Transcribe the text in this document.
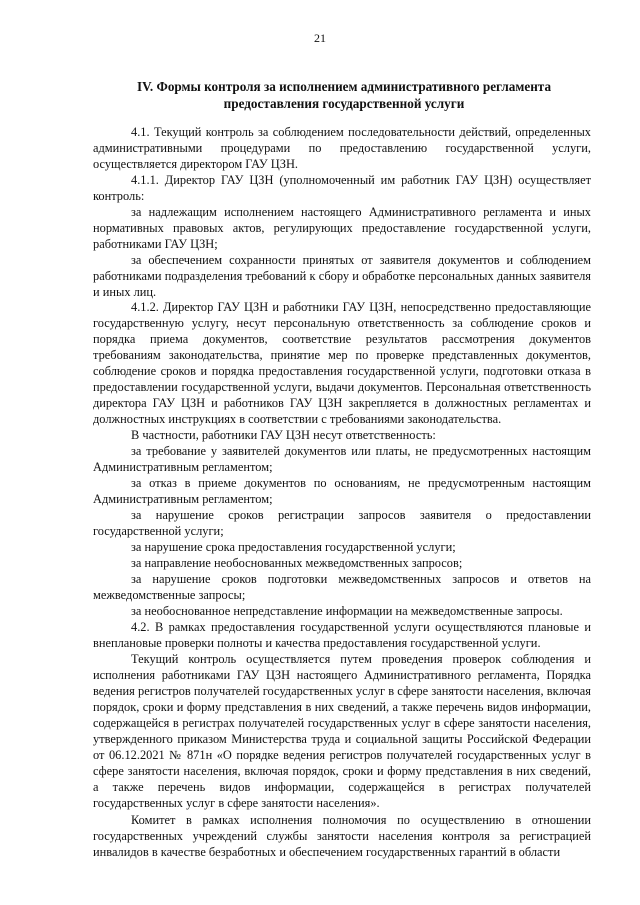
21
IV. Формы контроля за исполнением административного регламента
предоставления государственной услуги

4.1. Текущий контроль за соблюдением последовательности действий, определенных административными процедурами по предоставлению государственной услуги, осуществляется директором ГАУ ЦЗН.

4.1.1. Директор ГАУ ЦЗН (уполномоченный им работник ГАУ ЦЗН) осуществляет контроль:

за надлежащим исполнением настоящего Административного регламента и иных нормативных правовых актов, регулирующих предоставление государственной услуги, работниками ГАУ ЦЗН;

за обеспечением сохранности принятых от заявителя документов и соблюдением работниками подразделения требований к сбору и обработке персональных данных заявителя и иных лиц.

4.1.2. Директор ГАУ ЦЗН и работники ГАУ ЦЗН, непосредственно предоставляющие государственную услугу, несут персональную ответственность за соблюдение сроков и порядка приема документов, соответствие результатов рассмотрения документов требованиям законодательства, принятие мер по проверке представленных документов, соблюдение сроков и порядка предоставления государственной услуги, подготовки отказа в предоставлении государственной услуги, выдачи документов. Персональная ответственность директора ГАУ ЦЗН и работников ГАУ ЦЗН закрепляется в должностных регламентах и должностных инструкциях в соответствии с требованиями законодательства.

В частности, работники ГАУ ЦЗН несут ответственность:

за требование у заявителей документов или платы, не предусмотренных настоящим Административным регламентом;

за отказ в приеме документов по основаниям, не предусмотренным настоящим Административным регламентом;

за нарушение сроков регистрации запросов заявителя о предоставлении государственной услуги;

за нарушение срока предоставления государственной услуги;

за направление необоснованных межведомственных запросов;

за нарушение сроков подготовки межведомственных запросов и ответов на межведомственные запросы;

за необоснованное непредставление информации на межведомственные запросы.

4.2. В рамках предоставления государственной услуги осуществляются плановые и внеплановые проверки полноты и качества предоставления государственной услуги.

Текущий контроль осуществляется путем проведения проверок соблюдения и исполнения работниками ГАУ ЦЗН настоящего Административного регламента, Порядка ведения регистров получателей государственных услуг в сфере занятости населения, включая порядок, сроки и форму представления в них сведений, а также перечень видов информации, содержащейся в регистрах получателей государственных услуг в сфере занятости населения, утвержденного приказом Министерства труда и социальной защиты Российской Федерации от 06.12.2021 № 871н «О порядке ведения регистров получателей государственных услуг в сфере занятости населения, включая порядок, сроки и форму представления в них сведений, а также перечень видов информации, содержащейся в регистрах получателей государственных услуг в сфере занятости населения».

Комитет в рамках исполнения полномочия по осуществлению в отношении государственных учреждений службы занятости населения контроля за регистрацией инвалидов в качестве безработных и обеспечением государственных гарантий в области
